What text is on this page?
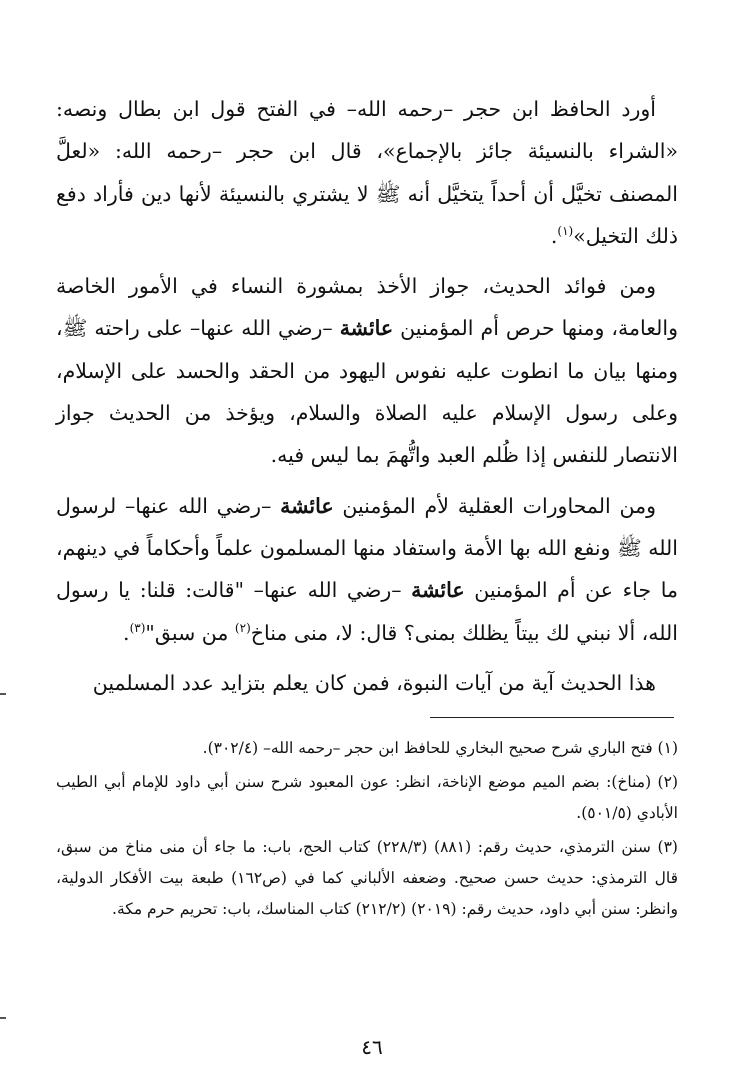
أورد الحافظ ابن حجر –رحمه الله– في الفتح قول ابن بطال ونصه: «الشراء بالنسيئة جائز بالإجماع»، قال ابن حجر –رحمه الله: «لعلَّ المصنف تخيَّل أن أحداً يتخيَّل أنه ﷺ لا يشتري بالنسيئة لأنها دين فأراد دفع ذلك التخيل»$^{(١)}$.

ومن فوائد الحديث، جواز الأخذ بمشورة النساء في الأمور الخاصة والعامة، ومنها حرص أم المؤمنين عائشة –رضي الله عنها– على راحته ﷺ، ومنها بيان ما انطوت عليه نفوس اليهود من الحقد والحسد على الإسلام، وعلى رسول الإسلام عليه الصلاة والسلام، ويؤخذ من الحديث جواز الانتصار للنفس إذا ظُلم العبد واتُّهمَ بما ليس فيه.

ومن المحاورات العقلية لأم المؤمنين عائشة –رضي الله عنها– لرسول الله ﷺ ونفع الله بها الأمة واستفاد منها المسلمون علماً وأحكاماً في دينهم، ما جاء عن أم المؤمنين عائشة –رضي الله عنها– "قالت: قلنا: يا رسول الله، ألا نبني لك بيتاً يظلك بمنى؟ قال: لا، منى مناخ$^{(٢)}$ من سبق"$^{(٣)}$.

هذا الحديث آية من آيات النبوة، فمن كان يعلم بتزايد عدد المسلمين

(١) فتح الباري شرح صحيح البخاري للحافظ ابن حجر –رحمه الله– (٣٠٢/٤).

(٢) (مناخ): بضم الميم موضع الإناخة، انظر: عون المعبود شرح سنن أبي داود للإمام أبي الطيب الأبادي (٥٠١/٥).

(٣) سنن الترمذي، حديث رقم: (٨٨١) (٢٢٨/٣) كتاب الحج، باب: ما جاء أن منى مناخ من سبق، قال الترمذي: حديث حسن صحيح. وضعفه الألباني كما في (ص١٦٢) طبعة بيت الأفكار الدولية، وانظر: سنن أبي داود، حديث رقم: (٢٠١٩) (٢١٢/٢) كتاب المناسك، باب: تحريم حرم مكة.

٤٦
